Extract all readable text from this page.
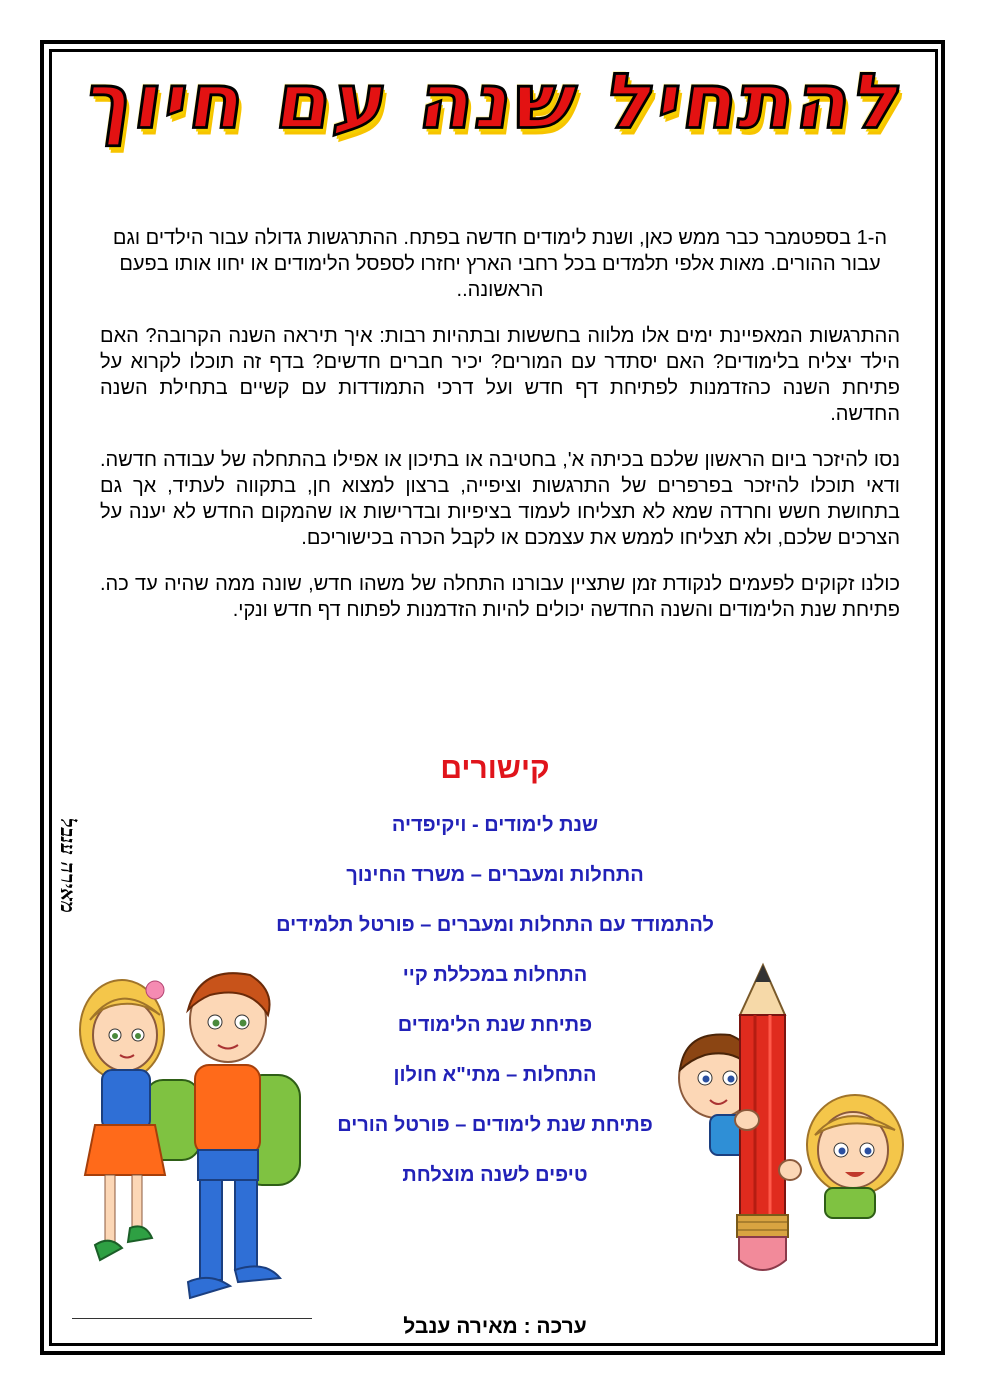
להתחיל שנה עם חיוך

ה-1 בספטמבר כבר ממש כאן, ושנת לימודים חדשה בפתח. ההתרגשות גדולה עבור הילדים וגם עבור ההורים. מאות אלפי תלמדים בכל רחבי הארץ יחזרו לספסל הלימודים או יחוו אותו בפעם הראשונה..

ההתרגשות המאפיינת ימים אלו מלווה בחששות ובתהיות רבות: איך תיראה השנה הקרובה? האם הילד יצליח בלימודים? האם יסתדר עם המורים? יכיר חברים חדשים? בדף זה תוכלו לקרוא על פתיחת השנה כהזדמנות לפתיחת דף חדש ועל דרכי התמודדות עם קשיים בתחילת השנה החדשה.

נסו להיזכר ביום הראשון שלכם בכיתה א', בחטיבה או בתיכון או אפילו בהתחלה של עבודה חדשה. ודאי תוכלו להיזכר בפרפרים של התרגשות וציפייה, ברצון למצוא חן, בתקווה לעתיד, אך גם בתחושת חשש וחרדה שמא לא תצליחו לעמוד בציפיות ובדרישות או שהמקום החדש לא יענה על הצרכים שלכם, ולא תצליחו לממש את עצמכם או לקבל הכרה בכישוריכם.

כולנו זקוקים לפעמים לנקודת זמן שתציין עבורנו התחלה של משהו חדש, שונה ממה שהיה עד כה. פתיחת שנת הלימודים והשנה החדשה יכולים להיות הזדמנות לפתוח דף חדש ונקי.

קישורים
שנת לימודים - ויקיפדיה
התחלות ומעברים – משרד החינוך
להתמודד עם התחלות ומעברים – פורטל תלמידים
התחלות במכללת קיי
פתיחת שנת הלימודים
התחלות – מתי"א חולון
פתיחת שנת לימודים – פורטל הורים
טיפים לשנה מוצלחת
מאירה ענבל
ערכה : מאירה ענבל
